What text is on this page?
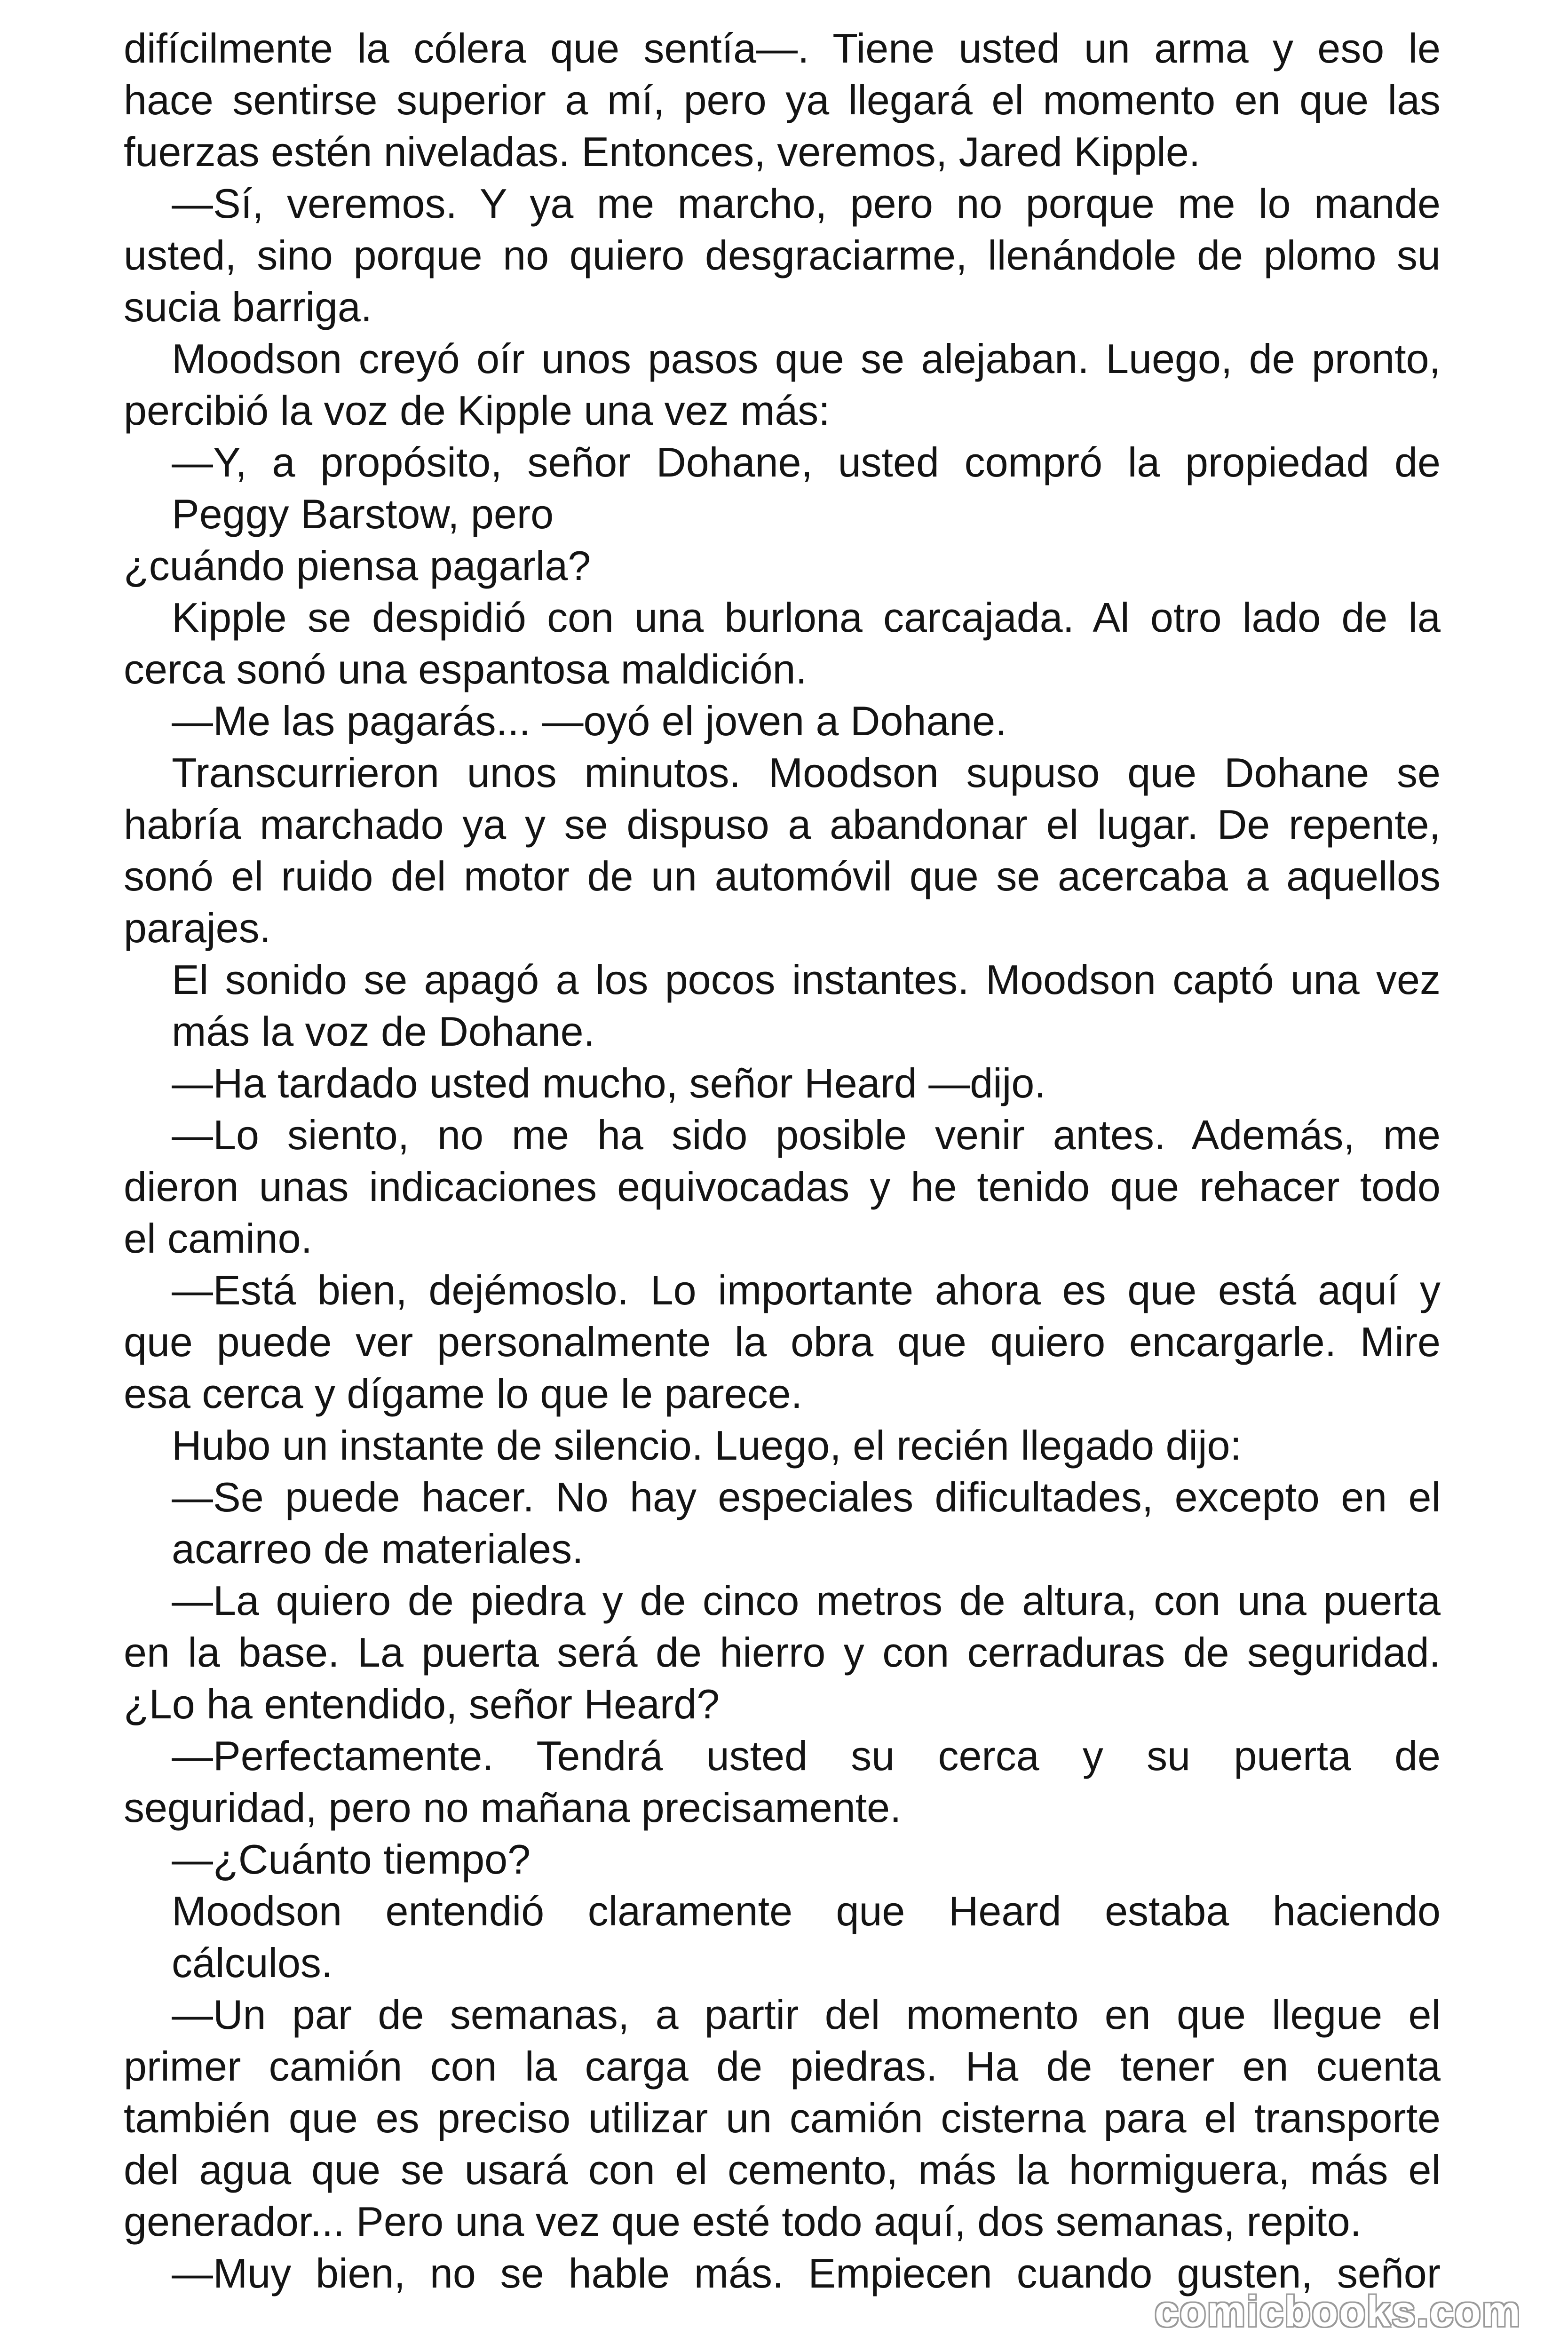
difícilmente la cólera que sentía—. Tiene usted un arma y eso le
hace sentirse superior a mí, pero ya llegará el momento en que las
fuerzas estén niveladas. Entonces, veremos, Jared Kipple.
—Sí, veremos. Y ya me marcho, pero no porque me lo mande
usted, sino porque no quiero desgraciarme, llenándole de plomo su
sucia barriga.
Moodson creyó oír unos pasos que se alejaban. Luego, de pronto,
percibió la voz de Kipple una vez más:
—Y, a propósito, señor Dohane, usted compró la propiedad de
Peggy Barstow, pero
¿cuándo piensa pagarla?
Kipple se despidió con una burlona carcajada. Al otro lado de la
cerca sonó una espantosa maldición.
—Me las pagarás... —oyó el joven a Dohane.
Transcurrieron unos minutos. Moodson supuso que Dohane se
habría marchado ya y se dispuso a abandonar el lugar. De repente,
sonó el ruido del motor de un automóvil que se acercaba a aquellos
parajes.
El sonido se apagó a los pocos instantes. Moodson captó una vez
más la voz de Dohane.
—Ha tardado usted mucho, señor Heard —dijo.
—Lo siento, no me ha sido posible venir antes. Además, me
dieron unas indicaciones equivocadas y he tenido que rehacer todo
el camino.
—Está bien, dejémoslo. Lo importante ahora es que está aquí y
que puede ver personalmente la obra que quiero encargarle. Mire
esa cerca y dígame lo que le parece.
Hubo un instante de silencio. Luego, el recién llegado dijo:
—Se puede hacer. No hay especiales dificultades, excepto en el
acarreo de materiales.
—La quiero de piedra y de cinco metros de altura, con una puerta
en la base. La puerta será de hierro y con cerraduras de seguridad.
¿Lo ha entendido, señor Heard?
—Perfectamente. Tendrá usted su cerca y su puerta de
seguridad, pero no mañana precisamente.
—¿Cuánto tiempo?
Moodson entendió claramente que Heard estaba haciendo
cálculos.
—Un par de semanas, a partir del momento en que llegue el
primer camión con la carga de piedras. Ha de tener en cuenta
también que es preciso utilizar un camión cisterna para el transporte
del agua que se usará con el cemento, más la hormiguera, más el
generador... Pero una vez que esté todo aquí, dos semanas, repito.
—Muy bien, no se hable más. Empiecen cuando gusten, señor
comicbooks.com
